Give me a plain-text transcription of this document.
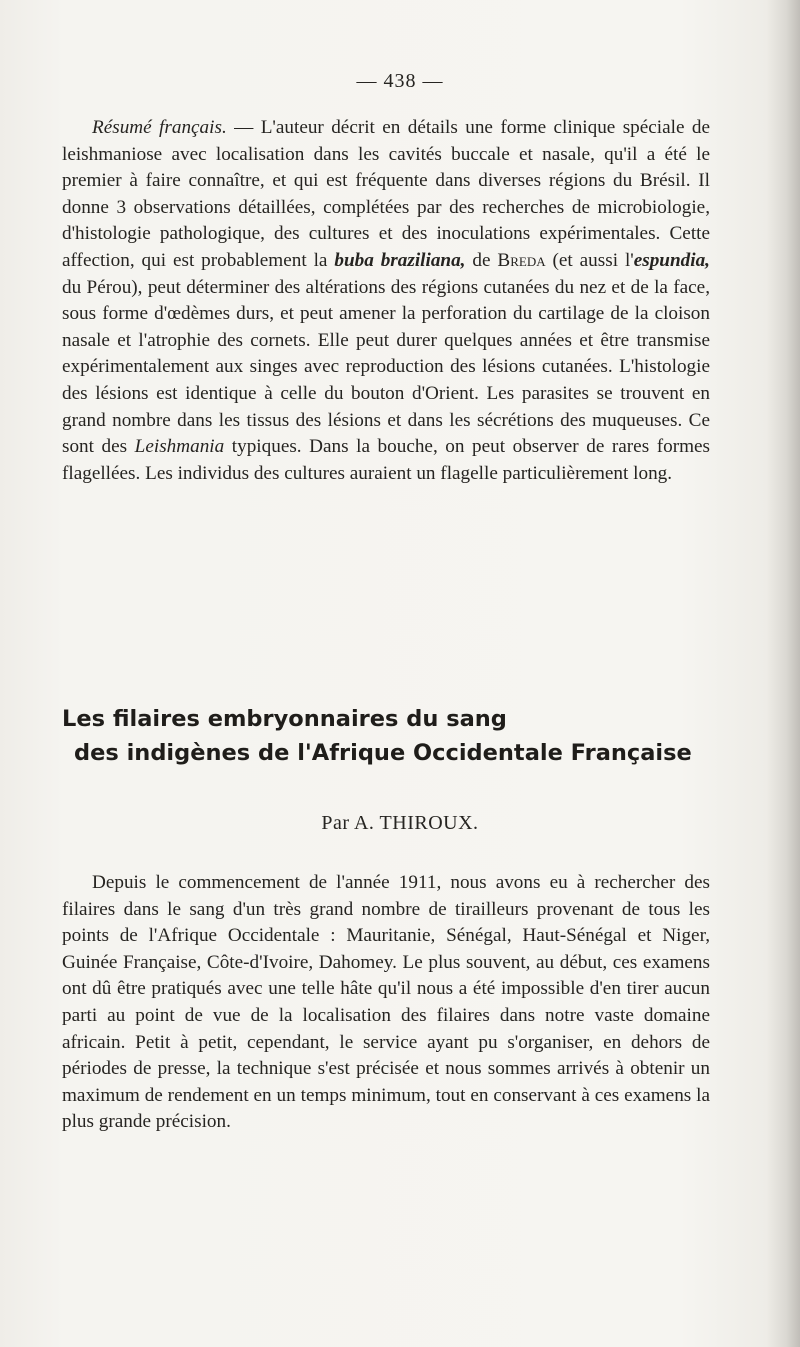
— 438 —

Résumé français. — L'auteur décrit en détails une forme clinique spéciale de leishmaniose avec localisation dans les cavités buccale et nasale, qu'il a été le premier à faire connaître, et qui est fréquente dans diverses régions du Brésil. Il donne 3 observations détaillées, complétées par des recherches de microbiologie, d'histologie pathologique, des cultures et des inoculations expérimentales. Cette affection, qui est probablement la buba braziliana, de Breda (et aussi l'espundia, du Pérou), peut déterminer des altérations des régions cutanées du nez et de la face, sous forme d'œdèmes durs, et peut amener la perforation du cartilage de la cloison nasale et l'atrophie des cornets. Elle peut durer quelques années et être transmise expérimentalement aux singes avec reproduction des lésions cutanées. L'histologie des lésions est identique à celle du bouton d'Orient. Les parasites se trouvent en grand nombre dans les tissus des lésions et dans les sécrétions des muqueuses. Ce sont des Leishmania typiques. Dans la bouche, on peut observer de rares formes flagellées. Les individus des cultures auraient un flagelle particulièrement long.

Les filaires embryonnaires du sang
des indigènes de l'Afrique Occidentale Française
Par A. THIROUX.

Depuis le commencement de l'année 1911, nous avons eu à rechercher des filaires dans le sang d'un très grand nombre de tirailleurs provenant de tous les points de l'Afrique Occidentale : Mauritanie, Sénégal, Haut-Sénégal et Niger, Guinée Française, Côte-d'Ivoire, Dahomey. Le plus souvent, au début, ces examens ont dû être pratiqués avec une telle hâte qu'il nous a été impossible d'en tirer aucun parti au point de vue de la localisation des filaires dans notre vaste domaine africain. Petit à petit, cependant, le service ayant pu s'organiser, en dehors de périodes de presse, la technique s'est précisée et nous sommes arrivés à obtenir un maximum de rendement en un temps minimum, tout en conservant à ces examens la plus grande précision.
